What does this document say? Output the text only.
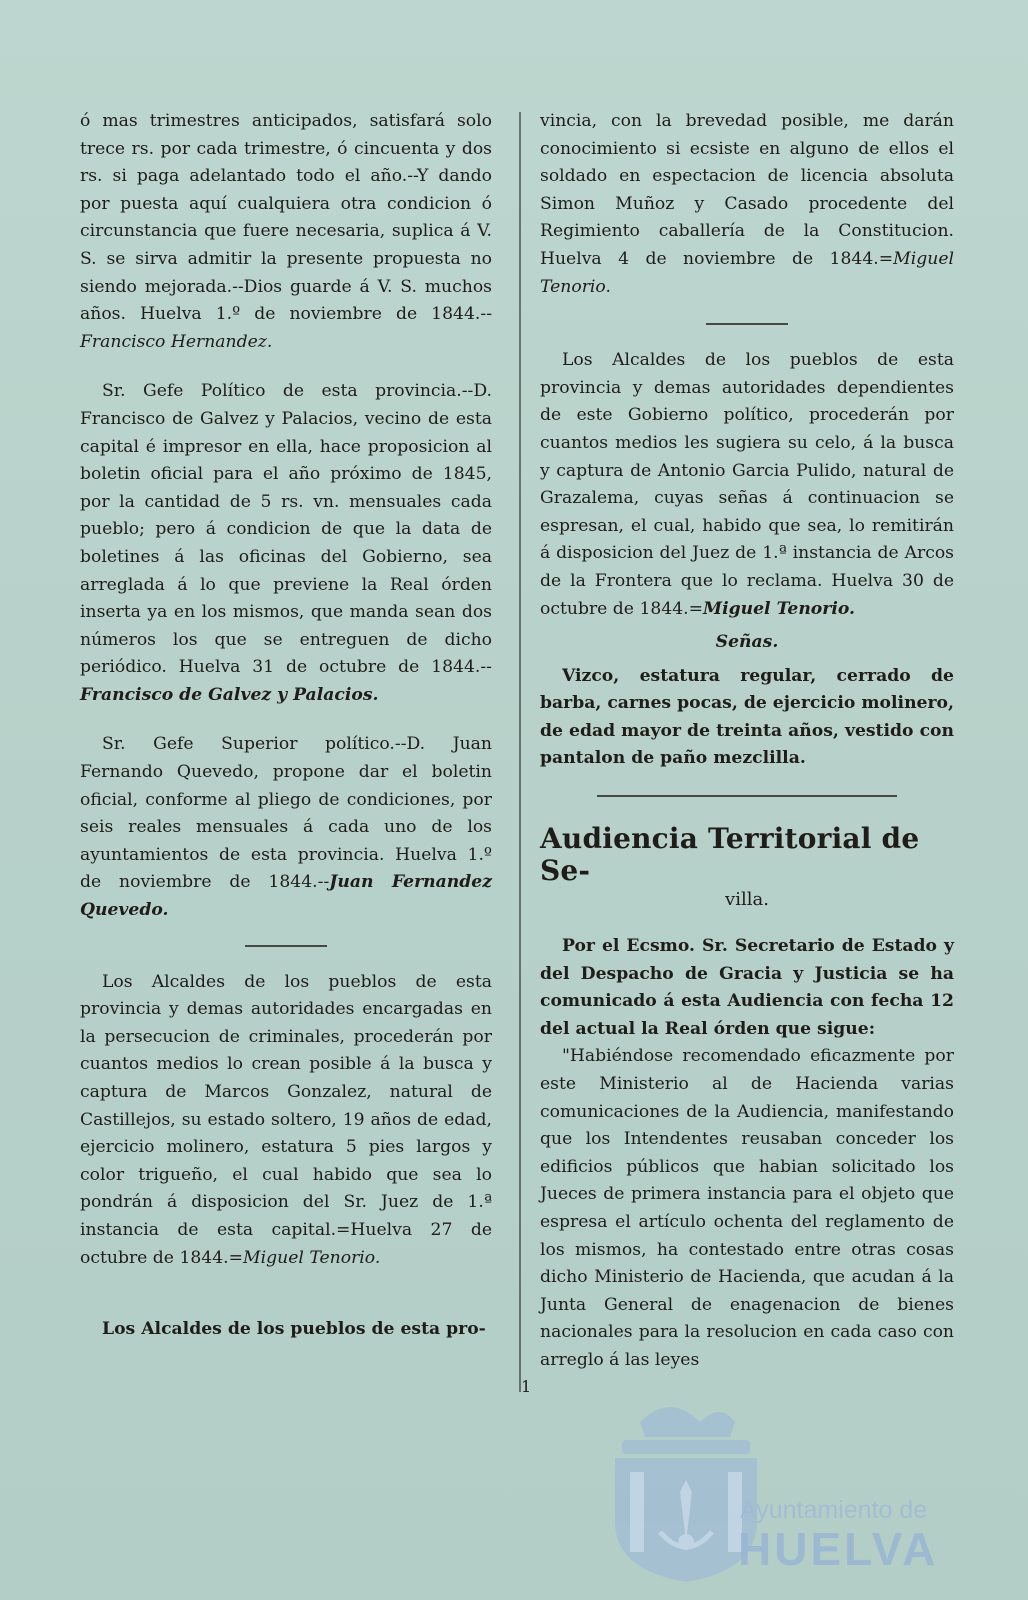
1

ó mas trimestres anticipados, satisfará solo trece rs. por cada trimestre, ó cincuenta y dos rs. si paga adelantado todo el año.--Y dando por puesta aquí cualquiera otra condicion ó circunstancia que fuere necesaria, suplica á V. S. se sirva admitir la presente propuesta no siendo mejorada.--Dios guarde á V. S. muchos años. Huelva 1.º de noviembre de 1844.--Francisco Hernandez.

Sr. Gefe Político de esta provincia.--D. Francisco de Galvez y Palacios, vecino de esta capital é impresor en ella, hace proposicion al boletin oficial para el año próximo de 1845, por la cantidad de 5 rs. vn. mensuales cada pueblo; pero á condicion de que la data de boletines á las oficinas del Gobierno, sea arreglada á lo que previene la Real órden inserta ya en los mismos, que manda sean dos números los que se entreguen de dicho periódico. Huelva 31 de octubre de 1844.--Francisco de Galvez y Palacios.

Sr. Gefe Superior político.--D. Juan Fernando Quevedo, propone dar el boletin oficial, conforme al pliego de condiciones, por seis reales mensuales á cada uno de los ayuntamientos de esta provincia. Huelva 1.º de noviembre de 1844.--Juan Fernandez Quevedo.

Los Alcaldes de los pueblos de esta provincia y demas autoridades encargadas en la persecucion de criminales, procederán por cuantos medios lo crean posible á la busca y captura de Marcos Gonzalez, natural de Castillejos, su estado soltero, 19 años de edad, ejercicio molinero, estatura 5 pies largos y color trigueño, el cual habido que sea lo pondrán á disposicion del Sr. Juez de 1.ª instancia de esta capital.=Huelva 27 de octubre de 1844.=Miguel Tenorio.

Los Alcaldes de los pueblos de esta pro-

vincia, con la brevedad posible, me darán conocimiento si ecsiste en alguno de ellos el soldado en espectacion de licencia absoluta Simon Muñoz y Casado procedente del Regimiento caballería de la Constitucion. Huelva 4 de noviembre de 1844.=Miguel Tenorio.

Los Alcaldes de los pueblos de esta provincia y demas autoridades dependientes de este Gobierno político, procederán por cuantos medios les sugiera su celo, á la busca y captura de Antonio Garcia Pulido, natural de Grazalema, cuyas señas á continuacion se espresan, el cual, habido que sea, lo remitirán á disposicion del Juez de 1.ª instancia de Arcos de la Frontera que lo reclama. Huelva 30 de octubre de 1844.=Miguel Tenorio.

Señas.

Vizco, estatura regular, cerrado de barba, carnes pocas, de ejercicio molinero, de edad mayor de treinta años, vestido con pantalon de paño mezclilla.

Audiencia Territorial de Se-

villa.

Por el Ecsmo. Sr. Secretario de Estado y del Despacho de Gracia y Justicia se ha comunicado á esta Audiencia con fecha 12 del actual la Real órden que sigue:

"Habiéndose recomendado eficazmente por este Ministerio al de Hacienda varias comunicaciones de la Audiencia, manifestando que los Intendentes reusaban conceder los edificios públicos que habian solicitado los Jueces de primera instancia para el objeto que espresa el artículo ochenta del reglamento de los mismos, ha contestado entre otras cosas dicho Ministerio de Hacienda, que acudan á la Junta General de enagenacion de bienes nacionales para la resolucion en cada caso con arreglo á las leyes

Ayuntamiento de
HUELVA
